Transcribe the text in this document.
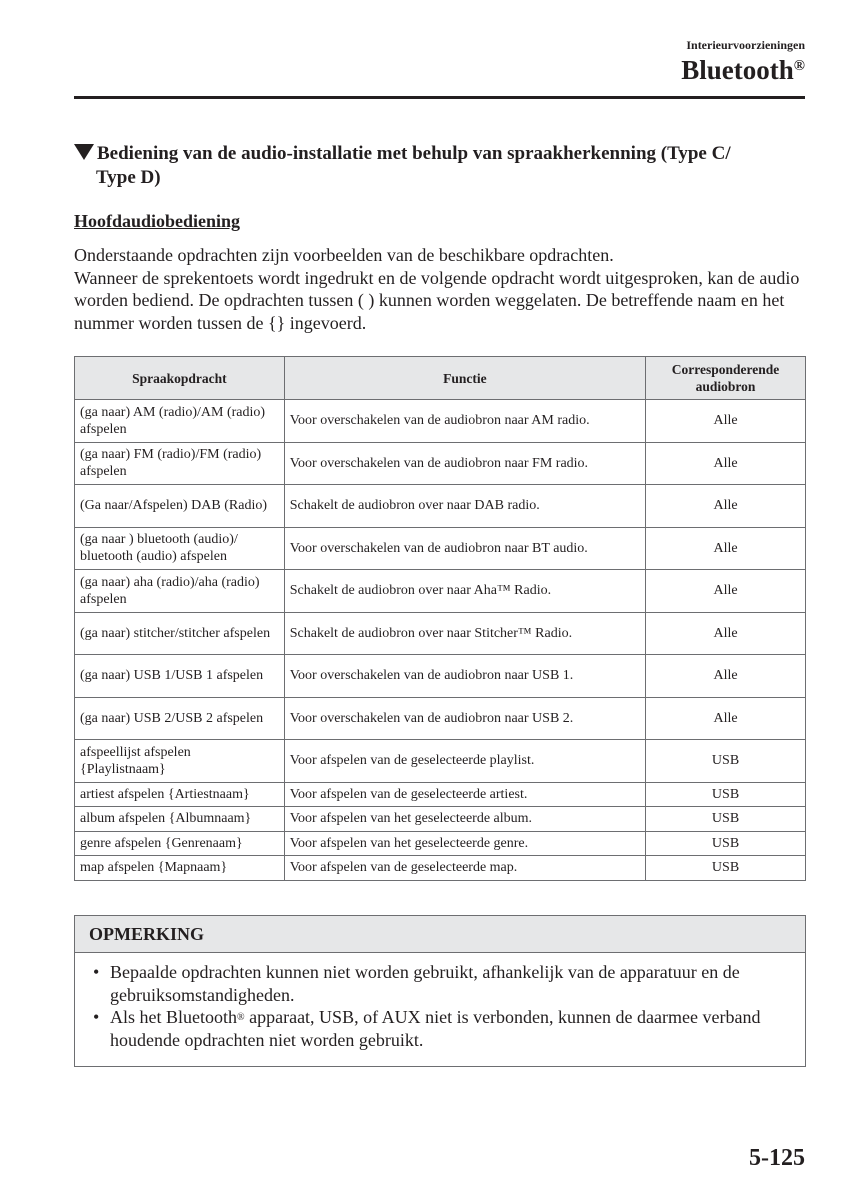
Interieurvoorzieningen
Bluetooth®
Bediening van de audio-installatie met behulp van spraakherkenning (Type C/
Type D)
Hoofdaudiobediening

Onderstaande opdrachten zijn voorbeelden van de beschikbare opdrachten.

Wanneer de sprekentoets wordt ingedrukt en de volgende opdracht wordt uitgesproken, kan de audio worden bediend. De opdrachten tussen ( ) kunnen worden weggelaten. De betreffende naam en het nummer worden tussen de {} ingevoerd.

Spraakopdracht	Functie	Corresponderende audiobron
(ga naar) AM (radio)/AM (radio) afspelen	Voor overschakelen van de audiobron naar AM radio.	Alle
(ga naar) FM (radio)/FM (radio) afspelen	Voor overschakelen van de audiobron naar FM radio.	Alle
(Ga naar/Afspelen) DAB (Radio)	Schakelt de audiobron over naar DAB radio.	Alle
(ga naar ) bluetooth (audio)/ bluetooth (audio) afspelen	Voor overschakelen van de audiobron naar BT audio.	Alle
(ga naar) aha (radio)/aha (radio) afspelen	Schakelt de audiobron over naar Aha™ Radio.	Alle
(ga naar) stitcher/stitcher afspelen	Schakelt de audiobron over naar Stitcher™ Radio.	Alle
(ga naar) USB 1/USB 1 afspelen	Voor overschakelen van de audiobron naar USB 1.	Alle
(ga naar) USB 2/USB 2 afspelen	Voor overschakelen van de audiobron naar USB 2.	Alle
afspeellijst afspelen {Playlistnaam}	Voor afspelen van de geselecteerde playlist.	USB
artiest afspelen {Artiestnaam}	Voor afspelen van de geselecteerde artiest.	USB
album afspelen {Albumnaam}	Voor afspelen van het geselecteerde album.	USB
genre afspelen {Genrenaam}	Voor afspelen van het geselecteerde genre.	USB
map afspelen {Mapnaam}	Voor afspelen van de geselecteerde map.	USB
OPMERKING
• Bepaalde opdrachten kunnen niet worden gebruikt, afhankelijk van de apparatuur en de gebruiksomstandigheden.
• Als het Bluetooth® apparaat, USB, of AUX niet is verbonden, kunnen de daarmee verband houdende opdrachten niet worden gebruikt.
5-125
